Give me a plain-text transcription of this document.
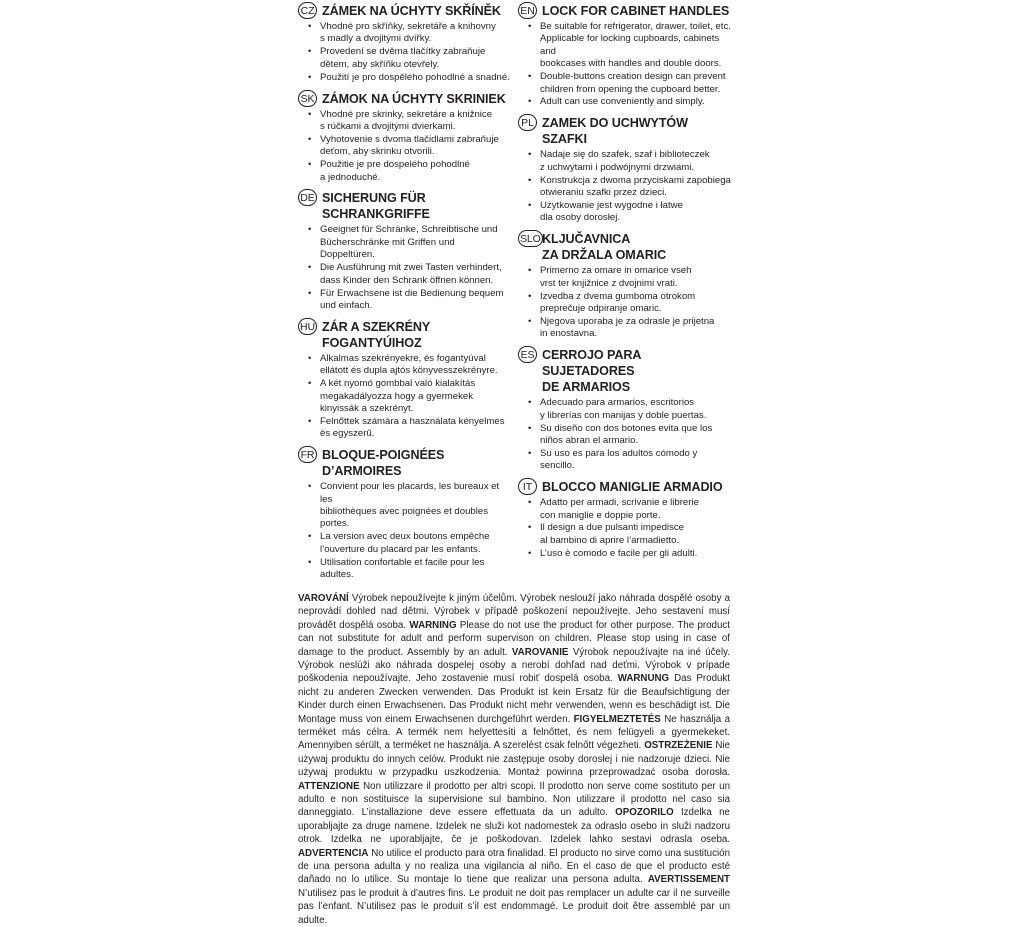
CZ ZÁMEK NA ÚCHYTY SKŘÍNĚK
• Vhodné pro skříňky, sekretáře a knihovny
s madly a dvojitými dvířky.
• Provedení se dvěma tlačítky zabraňuje
dětem, aby skříňku otevřely.
• Použití je pro dospělého pohodlné a snadné.
SK ZÁMOK NA ÚCHYTY SKRINIEK
• Vhodné pre skrinky, sekretáre a knižnice
s rúčkami a dvojitými dvierkami.
• Vyhotovenie s dvoma tlačidlami zabraňuje
deťom, aby skrinku otvorili.
• Použitie je pre dospelého pohodlné
a jednoduché.
DE SICHERUNG FÜR
SCHRANKGRIFFE
• Geeignet für Schränke, Schreibtische und
Bücherschränke mit Griffen und Doppeltüren.
• Die Ausführung mit zwei Tasten verhindert,
dass Kinder den Schrank öffnen können.
• Für Erwachsene ist die Bedienung bequem
und einfach.
HU ZÁR A SZEKRÉNY
FOGANTYÚIHOZ
• Alkalmas szekrényekre, és fogantyúval
ellátott és dupla ajtós könyvesszekrényre.
• A két nyomó gombbal való kialakítás
megakadályozza hogy a gyermekek
kinyissák a szekrényt.
• Felnőttek számára a használata kényelmes
és egyszerű.
FR BLOQUE-POIGNÉES D’ARMOIRES
• Convient pour les placards, les bureaux et les
bibliothèques avec poignées et doubles portes.
• La version avec deux boutons empêche
l’ouverture du placard par les enfants.
• Utilisation confortable et facile pour les adultes.
EN LOCK FOR CABINET HANDLES
• Be suitable for refrigerator, drawer, toilet, etc.
Applicable for locking cupboards, cabinets and
bookcases with handles and double doors.
• Double-buttons creation design can prevent
children from opening the cupboard better.
• Adult can use conveniently and simply.
PL ZAMEK DO UCHWYTÓW
SZAFKI
• Nadaje się do szafek, szaf i biblioteczek
z uchwytami i podwójnymi drzwiami.
• Konstrukcja z dwoma przyciskami zapobiega
otwieraniu szafki przez dzieci.
• Użytkowanie jest wygodne i łatwe
dla osoby dorosłej.
SLO KLJUČAVNICA
ZA DRŽALA OMARIC
• Primerno za omare in omarice vseh
vrst ter knjižnice z dvojnimi vrati.
• Izvedba z dvema gumboma otrokom
preprečuje odpiranje omaric.
• Njegova uporaba je za odrasle je prijetna
in enostavna.
ES CERROJO PARA SUJETADORES
DE ARMARIOS
• Adecuado para armarios, escritorios
y librerías con manijas y doble puertas.
• Su diseño con dos botones evita que los
niños abran el armario.
• Su uso es para los adultos cómodo y sencillo.
IT BLOCCO MANIGLIE ARMADIO
• Adatto per armadi, scrivanie e librerie
con maniglie e doppie porte.
• Il design a due pulsanti impedisce
al bambino di aprire l’armadietto.
• L’uso è comodo e facile per gli adulti.
VAROVÁNÍ Výrobek nepoužívejte k jiným účelům. Výrobek neslouží jako náhrada dospělé osoby a neprovádí dohled nad dětmi. Výrobek v případě poškození nepoužívejte. Jeho sestavení musí provádět dospělá osoba. WARNING Please do not use the product for other purpose. The product can not substitute for adult and perform supervison on children. Please stop using in case of damage to the product. Assembly by an adult. VAROVANIE Výrobok nepoužívajte na iné účely. Výrobok neslúži ako náhrada dospelej osoby a nerobí dohľad nad deťmi. Výrobok v prípade poškodenia nepoužívajte. Jeho zostavenie musí robiť dospelá osoba. WARNUNG Das Produkt nicht zu anderen Zwecken verwenden. Das Produkt ist kein Ersatz für die Beaufsichtigung der Kinder durch einen Erwachsenen. Das Produkt nicht mehr verwenden, wenn es beschädigt ist. Die Montage muss von einem Erwachsenen durchgeführt werden. FIGYELMEZTETÉS Ne használja a terméket más célra. A termék nem helyettesíti a felnőttet, és nem felügyeli a gyermekeket. Amennyiben sérült, a terméket ne használja. A szerelést csak felnőtt végezheti. OSTRZEŻENIE Nie używaj produktu do innych celów. Produkt nie zastępuje osoby dorosłej i nie nadzoruje dzieci. Nie używaj produktu w przypadku uszkodzenia. Montaż powinna przeprowadzać osoba dorosła. ATTENZIONE Non utilizzare il prodotto per altri scopi. Il prodotto non serve come sostituto per un adulto e non sostituisce la supervisione sul bambino. Non utilizzare il prodotto nel caso sia danneggiato. L’installazione deve essere effettuata da un adulto. OPOZORILO Izdelka ne uporabljajte za druge namene. Izdelek ne služi kot nadomestek za odraslo osebo in služi nadzoru otrok. Izdelka ne uporabljajte, če je poškodovan. Izdelek lahko sestavi odrasla oseba. ADVERTENCIA No utilice el producto para otra finalidad. El producto no sirve como una sustitución de una persona adulta y no realiza una vigilancia al niño. En el caso de que el producto esté dañado no lo utilice. Su montaje lo tiene que realizar una persona adulta. AVERTISSEMENT N’utilisez pas le produit à d’autres fins. Le produit ne doit pas remplacer un adulte car il ne surveille pas l’enfant. N’utilisez pas le produit s’il est endommagé. Le produit doit être assemblé par un adulte.
